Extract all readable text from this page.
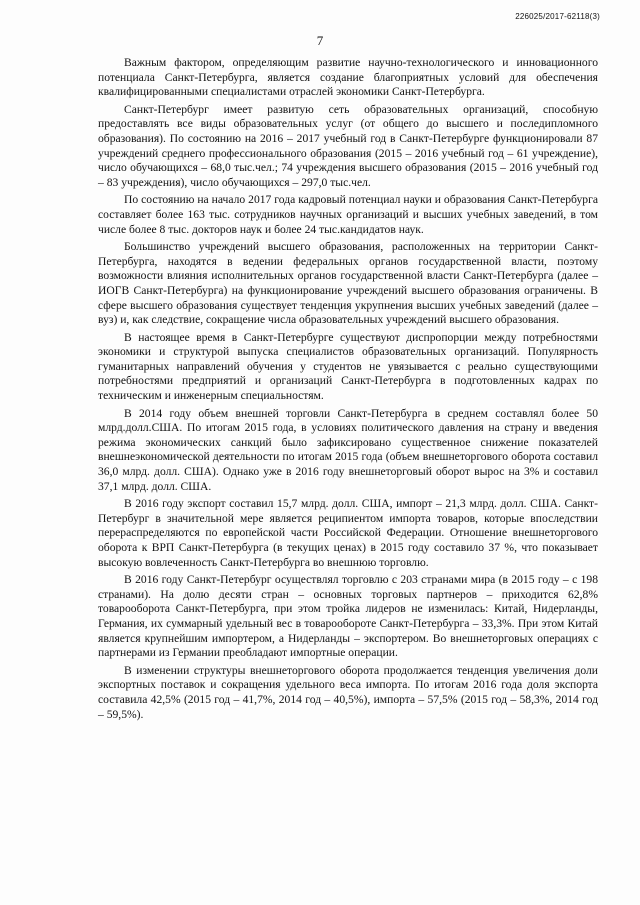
226025/2017-62118(3)
7

Важным фактором, определяющим развитие научно-технологического и инновационного потенциала Санкт-Петербурга, является создание благоприятных условий для обеспечения квалифицированными специалистами отраслей экономики Санкт-Петербурга.

Санкт-Петербург имеет развитую сеть образовательных организаций, способную предоставлять все виды образовательных услуг (от общего до высшего и последипломного образования). По состоянию на 2016 – 2017 учебный год в Санкт-Петербурге функционировали 87 учреждений среднего профессионального образования (2015 – 2016 учебный год – 61 учреждение), число обучающихся – 68,0 тыс.чел.; 74 учреждения высшего образования (2015 – 2016 учебный год – 83 учреждения), число обучающихся – 297,0 тыс.чел.

По состоянию на начало 2017 года кадровый потенциал науки и образования Санкт-Петербурга составляет более 163 тыс. сотрудников научных организаций и высших учебных заведений, в том числе более 8 тыс. докторов наук и более 24 тыс.кандидатов наук.

Большинство учреждений высшего образования, расположенных на территории Санкт-Петербурга, находятся в ведении федеральных органов государственной власти, поэтому возможности влияния исполнительных органов государственной власти Санкт-Петербурга (далее – ИОГВ Санкт-Петербурга) на функционирование учреждений высшего образования ограничены. В сфере высшего образования существует тенденция укрупнения высших учебных заведений (далее – вуз) и, как следствие, сокращение числа образовательных учреждений высшего образования.

В настоящее время в Санкт-Петербурге существуют диспропорции между потребностями экономики и структурой выпуска специалистов образовательных организаций. Популярность гуманитарных направлений обучения у студентов не увязывается с реально существующими потребностями предприятий и организаций Санкт-Петербурга в подготовленных кадрах по техническим и инженерным специальностям.

В 2014 году объем внешней торговли Санкт-Петербурга в среднем составлял более 50 млрд.долл.США. По итогам 2015 года, в условиях политического давления на страну и введения режима экономических санкций было зафиксировано существенное снижение показателей внешнеэкономической деятельности по итогам 2015 года (объем внешнеторгового оборота составил 36,0 млрд. долл. США). Однако уже в 2016 году внешнеторговый оборот вырос на 3% и составил 37,1 млрд. долл. США.

В 2016 году экспорт составил 15,7 млрд. долл. США, импорт – 21,3 млрд. долл. США. Санкт-Петербург в значительной мере является реципиентом импорта товаров, которые впоследствии перераспределяются по европейской части Российской Федерации. Отношение внешнеторгового оборота к ВРП Санкт-Петербурга (в текущих ценах) в 2015 году составило 37 %, что показывает высокую вовлеченность Санкт-Петербурга во внешнюю торговлю.

В 2016 году Санкт-Петербург осуществлял торговлю с 203 странами мира (в 2015 году – с 198 странами). На долю десяти стран – основных торговых партнеров – приходится 62,8% товарооборота Санкт-Петербурга, при этом тройка лидеров не изменилась: Китай, Нидерланды, Германия, их суммарный удельный вес в товарообороте Санкт-Петербурга – 33,3%. При этом Китай является крупнейшим импортером, а Нидерланды – экспортером. Во внешнеторговых операциях с партнерами из Германии преобладают импортные операции.

В изменении структуры внешнеторгового оборота продолжается тенденция увеличения доли экспортных поставок и сокращения удельного веса импорта. По итогам 2016 года доля экспорта составила 42,5% (2015 год – 41,7%, 2014 год – 40,5%), импорта – 57,5% (2015 год – 58,3%, 2014 год – 59,5%).
